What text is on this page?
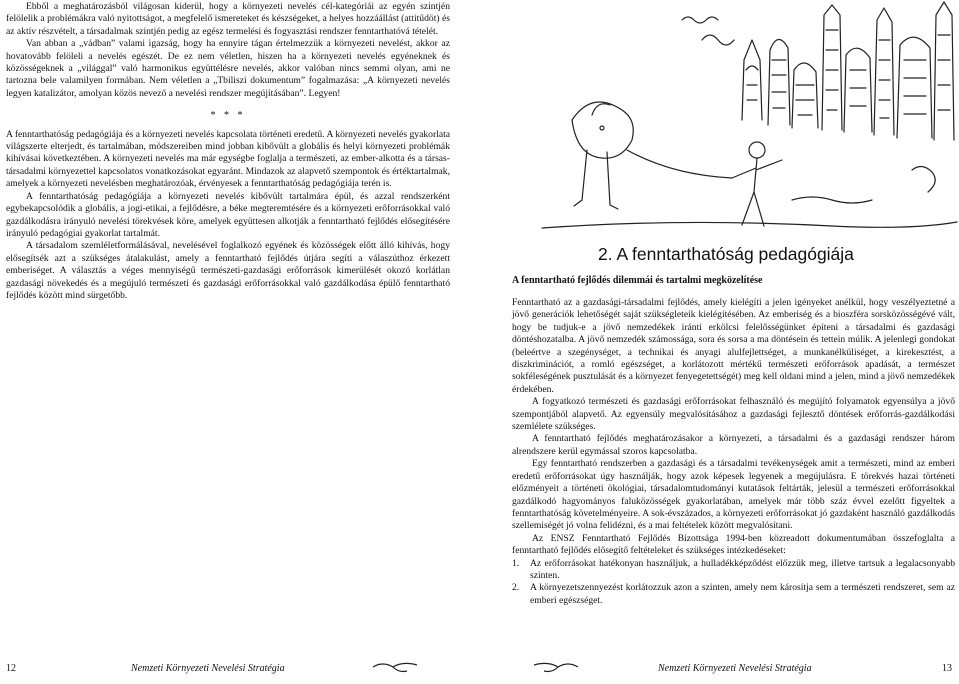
Ebből a meghatározásból világosan kiderül, hogy a környezeti nevelés cél-kategóriái az egyén szintjén felölelik a problémákra való nyitottságot, a megfelelő ismereteket és készségeket, a helyes hozzáállást (attitűdöt) és az aktív részvételt, a társadalmak szintjén pedig az egész termelési és fogyasztási rendszer fenntarthatóvá tételét.

Van abban a „vádban” valami igazság, hogy ha ennyire tágan értelmezzük a környezeti nevelést, akkor az hovatovább felöleli a nevelés egészét. De ez nem véletlen, hiszen ha a környezeti nevelés egyéneknek és közösségeknek a „világgal” való harmonikus együttélésre nevelés, akkor valóban nincs semmi olyan, ami ne tartozna bele valamilyen formában. Nem véletlen a „Tbiliszi dokumentum” fogalmazása: „A környezeti nevelés legyen katalizátor, amolyan közös nevező a nevelési rendszer megújításában”. Legyen!

* * *

A fenntarthatóság pedagógiája és a környezeti nevelés kapcsolata történeti eredetű. A környezeti nevelés gyakorlata világszerte elterjedt, és tartalmában, módszereiben mind jobban kibővült a globális és helyi környezeti problémák kihívásai következtében. A környezeti nevelés ma már egységbe foglalja a természeti, az ember-alkotta és a társas-társadalmi környezettel kapcsolatos vonatkozásokat egyaránt. Mindazok az alapvető szempontok és értéktartalmak, amelyek a környezeti nevelésben meghatározóak, érvényesek a fenntarthatóság pedagógiája terén is.

A fenntarthatóság pedagógiája a környezeti nevelés kibővült tartalmára épül, és azzal rendszerként egybekapcsolódik a globális, a jogi-etikai, a fejlődésre, a béke megteremtésére és a környezeti erőforrásokkal való gazdálkodásra irányuló nevelési törekvések köre, amelyek együttesen alkotják a fenntartható fejlődés elősegítésére irányuló pedagógiai gyakorlat tartalmát.

A társadalom szemléletformálásával, nevelésével foglalkozó egyének és közösségek előtt álló kihívás, hogy elősegítsék azt a szükséges átalakulást, amely a fenntartható fejlődés útjára segíti a válaszúthoz érkezett emberiséget. A választás a véges mennyiségű természeti-gazdasági erőforrások kimerülését okozó korlátlan gazdasági növekedés és a megújuló természeti és gazdasági erőforrásokkal való gazdálkodása épülő fenntartható fejlődés között mind sürgetőbb.

2. A fenntarthatóság pedagógiája
A fenntartható fejlődés dilemmái és tartalmi megközelítése

Fenntartható az a gazdasági-társadalmi fejlődés, amely kielégíti a jelen igényeket anélkül, hogy veszélyeztetné a jövő generációk lehetőségét saját szükségleteik kielégítésében. Az emberiség és a bioszféra sorsközösségévé vált, hogy be tudjuk-e a jövő nemzedékek iránti erkölcsi felelősségünket építeni a társadalmi és gazdasági döntéshozatalba. A jövő nemzedék számossága, sora és sorsa a ma döntésein és tettein múlik. A jelenlegi gondokat (beleértve a szegénységet, a technikai és anyagi alulfejlettséget, a munkanélküliséget, a kirekesztést, a diszkriminációt, a romló egészséget, a korlátozott mértékű természeti erőforrások apadását, a természet sokféleségének pusztulását és a környezet fenyegetettségét) meg kell oldani mind a jelen, mind a jövő nemzedékek érdekében.

A fogyatkozó természeti és gazdasági erőforrásokat felhasználó és megújító folyamatok egyensúlya a jövő szempontjából alapvető. Az egyensúly megvalósításához a gazdasági fejlesztő döntések erőforrás-gazdálkodási szemlélete szükséges.

A fenntartható fejlődés meghatározásakor a környezeti, a társadalmi és a gazdasági rendszer három alrendszere kerül egymással szoros kapcsolatba.

Egy fenntartható rendszerben a gazdasági és a társadalmi tevékenységek amit a természeti, mind az emberi eredetű erőforrásokat úgy használják, hogy azok képesek legyenek a megújulásra. E törekvés hazai történeti előzményeit a történeti ökológiai, társadalomtudományi kutatások feltárták, jelesül a természeti erőforrásokkal gazdálkodó hagyományos faluközösségek gyakorlatában, amelyek már több száz évvel ezelőtt figyeltek a fenntarthatóság követelményeire. A sok-évszázados, a környezeti erőforrásokat jó gazdaként használó gazdálkodás szellemiségét jó volna felidézni, és a mai feltételek között megvalósítani.

Az ENSZ Fenntartható Fejlődés Bizottsága 1994-ben közreadott dokumentumában összefoglalta a fenntartható fejlődés elősegítő feltételeket és szükséges intézkedéseket:

1.	Az erőforrásokat hatékonyan használjuk, a hulladékképződést előzzük meg, illetve tartsuk a legalacsonyabb szinten.
2.	A környezetszennyezést korlátozzuk azon a szinten, amely nem károsítja sem a természeti rendszeret, sem az emberi egészséget.
12	Nemzeti Környezeti Nevelési Stratégia	Nemzeti Környezeti Nevelési Stratégia	13
